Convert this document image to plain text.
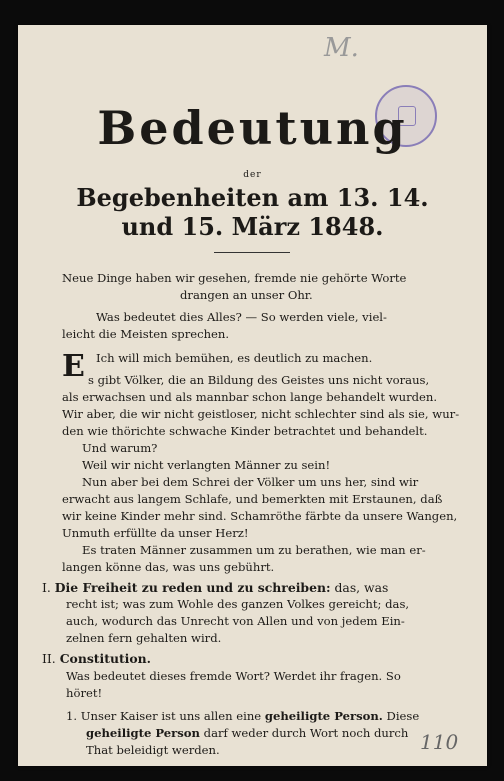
M.
Bedeutung
der
Begebenheiten am 13. 14.
und 15. März 1848.
Neue Dinge haben wir gesehen, fremde nie gehörte Worte
drangen an unser Ohr.
Was bedeutet dies Alles? — So werden viele, viel-
leicht die Meisten sprechen.
Ich will mich bemühen, es deutlich zu machen.
E s gibt Völker, die an Bildung des Geistes uns nicht voraus,
als erwachsen und als mannbar schon lange behandelt wurden.
Wir aber, die wir nicht geistloser, nicht schlechter sind als sie, wur-
den wie thörichte schwache Kinder betrachtet und behandelt.
Und warum?
Weil wir nicht verlangten Männer zu sein!
Nun aber bei dem Schrei der Völker um uns her, sind wir
erwacht aus langem Schlafe, und bemerkten mit Erstaunen, daß
wir keine Kinder mehr sind. Schamröthe färbte da unsere Wangen,
Unmuth erfüllte da unser Herz!
Es traten Männer zusammen um zu berathen, wie man er-
langen könne das, was uns gebührt.
I. Die Freiheit zu reden und zu schreiben: das, was
recht ist; was zum Wohle des ganzen Volkes gereicht; das,
auch, wodurch das Unrecht von Allen und von jedem Ein-
zelnen fern gehalten wird.
II. Constitution.
Was bedeutet dieses fremde Wort? Werdet ihr fragen. So
höret!
1. Unser Kaiser ist uns allen eine geheiligte Person. Diese
geheiligte Person darf weder durch Wort noch durch
That beleidigt werden.	110
